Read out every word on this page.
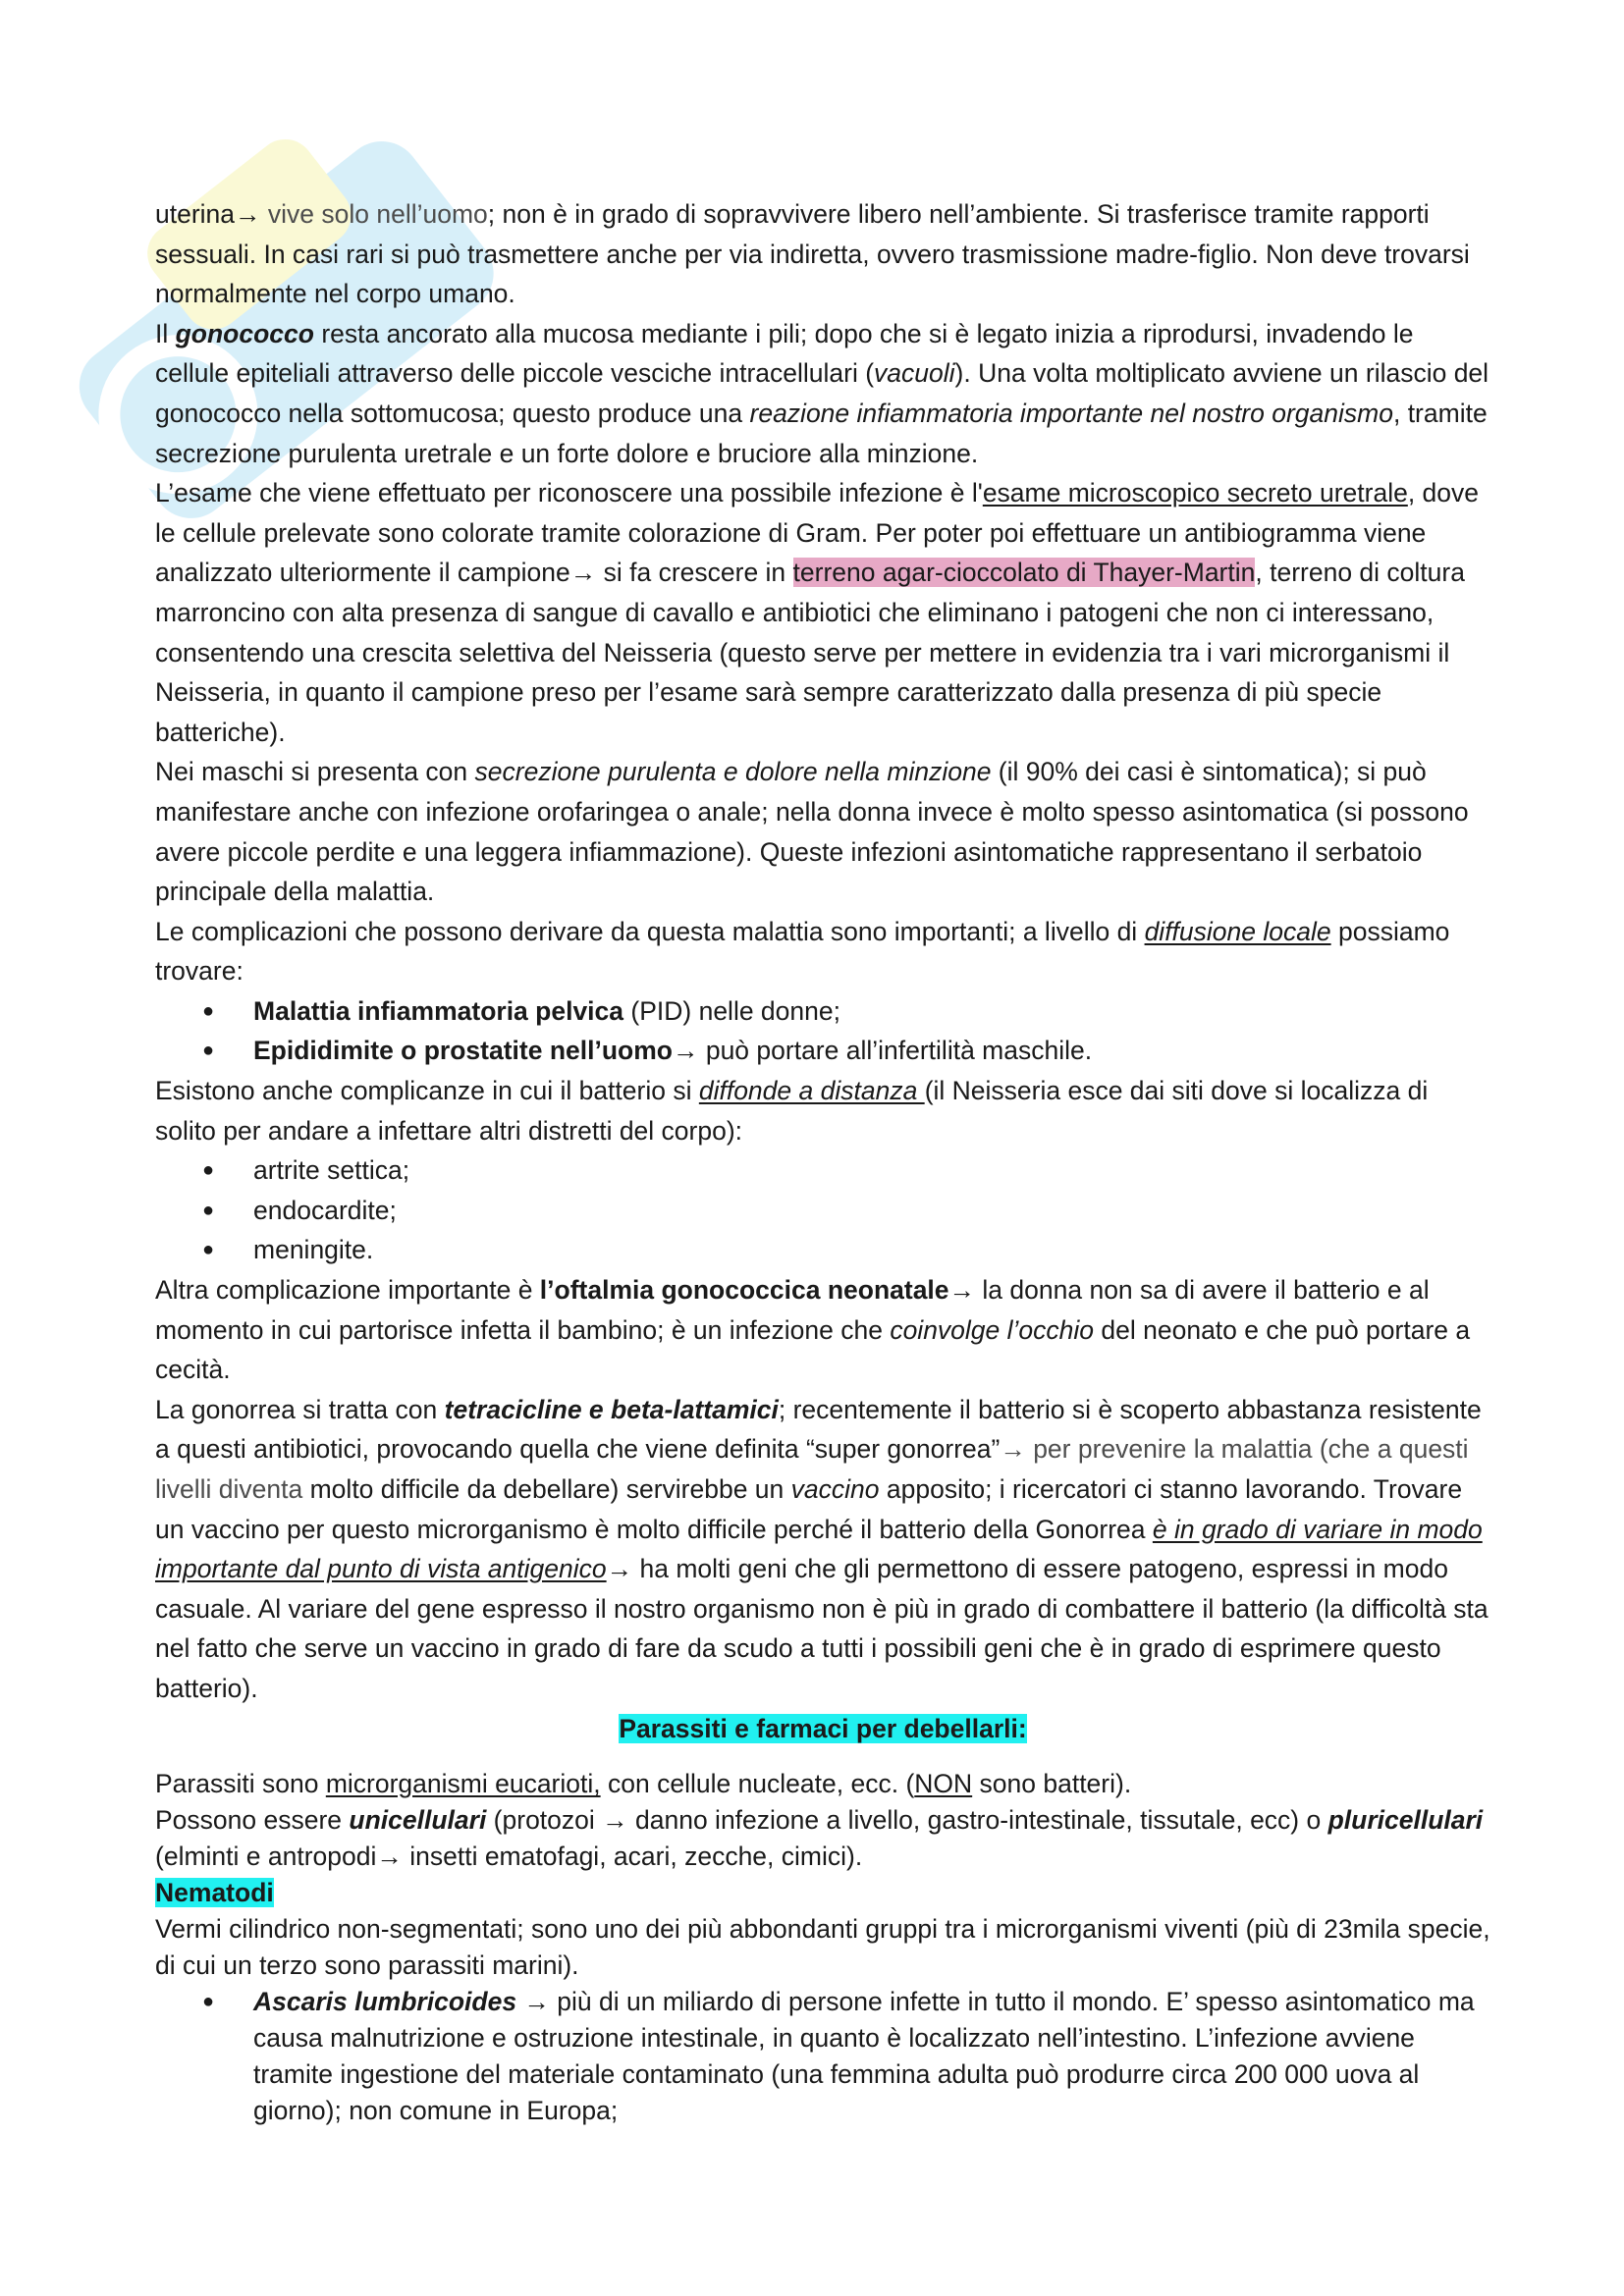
uterina→ vive solo nell’uomo; non è in grado di sopravvivere libero nell’ambiente. Si trasferisce tramite rapporti sessuali. In casi rari si può trasmettere anche per via indiretta, ovvero trasmissione madre-figlio. Non deve trovarsi normalmente nel corpo umano.

Il gonococco resta ancorato alla mucosa mediante i pili; dopo che si è legato inizia a riprodursi, invadendo le cellule epiteliali attraverso delle piccole vesciche intracellulari (vacuoli). Una volta moltiplicato avviene un rilascio del gonococco nella sottomucosa; questo produce una reazione infiammatoria importante nel nostro organismo, tramite secrezione purulenta uretrale e un forte dolore e bruciore alla minzione.

L’esame che viene effettuato per riconoscere una possibile infezione è l'esame microscopico secreto uretrale, dove le cellule prelevate sono colorate tramite colorazione di Gram. Per poter poi effettuare un antibiogramma viene analizzato ulteriormente il campione→ si fa crescere in terreno agar-cioccolato di Thayer-Martin, terreno di coltura marroncino con alta presenza di sangue di cavallo e antibiotici che eliminano i patogeni che non ci interessano, consentendo una crescita selettiva del Neisseria (questo serve per mettere in evidenzia tra i vari microrganismi il Neisseria, in quanto il campione preso per l’esame sarà sempre caratterizzato dalla presenza di più specie batteriche).

Nei maschi si presenta con secrezione purulenta e dolore nella minzione (il 90% dei casi è sintomatica); si può manifestare anche con infezione orofaringea o anale; nella donna invece è molto spesso asintomatica (si possono avere piccole perdite e una leggera infiammazione). Queste infezioni asintomatiche rappresentano il serbatoio principale della malattia.

Le complicazioni che possono derivare da questa malattia sono importanti; a livello di diffusione locale possiamo trovare:

● Malattia infiammatoria pelvica (PID) nelle donne;
● Epididimite o prostatite nell’uomo→ può portare all’infertilità maschile.

Esistono anche complicanze in cui il batterio si diffonde a distanza (il Neisseria esce dai siti dove si localizza di solito per andare a infettare altri distretti del corpo):

● artrite settica;
● endocardite;
● meningite.

Altra complicazione importante è l’oftalmia gonococcica neonatale→ la donna non sa di avere il batterio e al momento in cui partorisce infetta il bambino; è un infezione che coinvolge l’occhio del neonato e che può portare a cecità.

La gonorrea si tratta con tetracicline e beta-lattamici; recentemente il batterio si è scoperto abbastanza resistente a questi antibiotici, provocando quella che viene definita “super gonorrea”→ per prevenire la malattia (che a questi livelli diventa molto difficile da debellare) servirebbe un vaccino apposito; i ricercatori ci stanno lavorando. Trovare un vaccino per questo microrganismo è molto difficile perché il batterio della Gonorrea è in grado di variare in modo importante dal punto di vista antigenico→ ha molti geni che gli permettono di essere patogeno, espressi in modo casuale. Al variare del gene espresso il nostro organismo non è più in grado di combattere il batterio (la difficoltà sta nel fatto che serve un vaccino in grado di fare da scudo a tutti i possibili geni che è in grado di esprimere questo batterio).

Parassiti e farmaci per debellarli:

Parassiti sono microrganismi eucarioti, con cellule nucleate, ecc. (NON sono batteri).

Possono essere unicellulari (protozoi → danno infezione a livello, gastro-intestinale, tissutale, ecc) o pluricellulari (elminti e antropodi→ insetti ematofagi, acari, zecche, cimici).

Nematodi

Vermi cilindrico non-segmentati; sono uno dei più abbondanti gruppi tra i microrganismi viventi (più di 23mila specie, di cui un terzo sono parassiti marini).

● Ascaris lumbricoides → più di un miliardo di persone infette in tutto il mondo. E’ spesso asintomatico ma causa malnutrizione e ostruzione intestinale, in quanto è localizzato nell’intestino. L’infezione avviene tramite ingestione del materiale contaminato (una femmina adulta può produrre circa 200 000 uova al giorno); non comune in Europa;
